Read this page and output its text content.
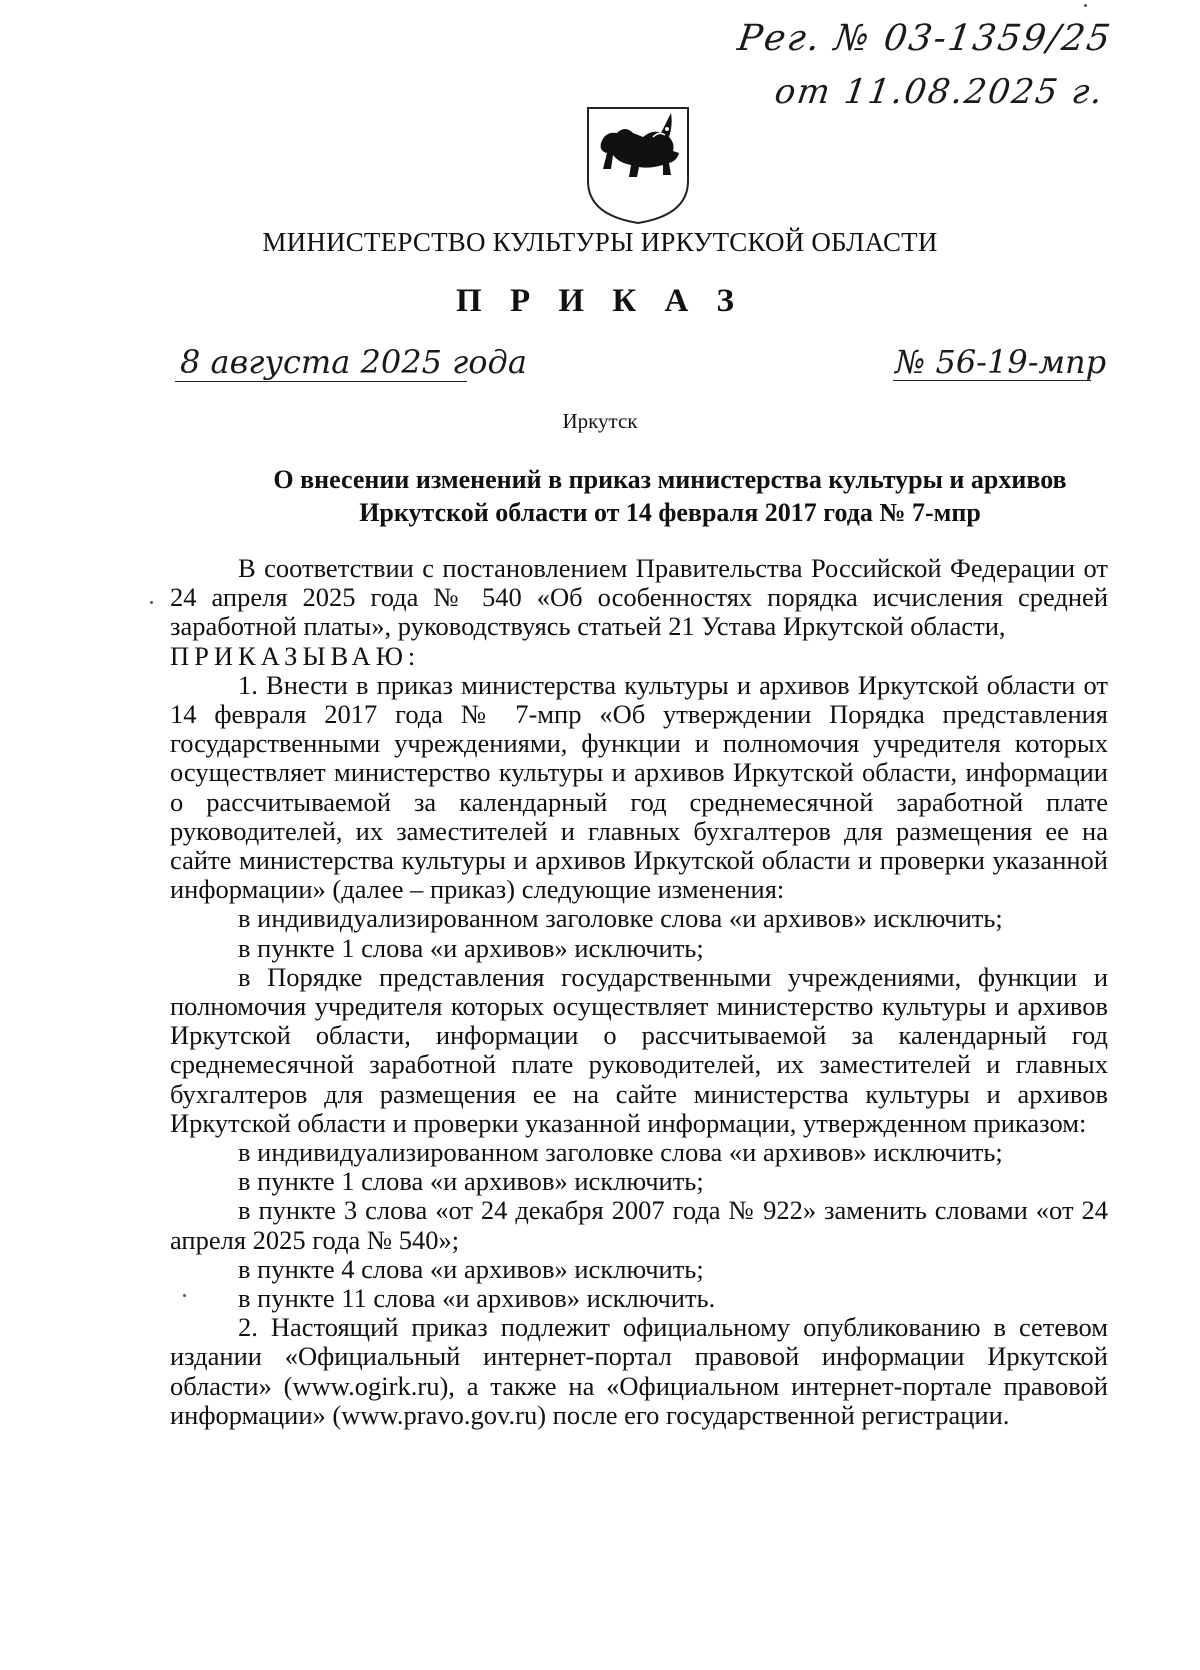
Рег. № 03-1359/25
от 11.08.2025 г.
МИНИСТЕРСТВО КУЛЬТУРЫ ИРКУТСКОЙ ОБЛАСТИ
П Р И К А З
8 августа 2025 года	№ 56-19-мпр
Иркутск
О внесении изменений в приказ министерства культуры и архивов
Иркутской области от 14 февраля 2017 года № 7-мпр

В соответствии с постановлением Правительства Российской Федерации от 24 апреля 2025 года № 540 «Об особенностях порядка исчисления средней заработной платы», руководствуясь статьей 21 Устава Иркутской области,

ПРИКАЗЫВАЮ:

1. Внести в приказ министерства культуры и архивов Иркутской области от 14 февраля 2017 года № 7-мпр «Об утверждении Порядка представления государственными учреждениями, функции и полномочия учредителя которых осуществляет министерство культуры и архивов Иркутской области, информации о рассчитываемой за календарный год среднемесячной заработной плате руководителей, их заместителей и главных бухгалтеров для размещения ее на сайте министерства культуры и архивов Иркутской области и проверки указанной информации» (далее – приказ) следующие изменения:

в индивидуализированном заголовке слова «и архивов» исключить;

в пункте 1 слова «и архивов» исключить;

в Порядке представления государственными учреждениями, функции и полномочия учредителя которых осуществляет министерство культуры и архивов Иркутской области, информации о рассчитываемой за календарный год среднемесячной заработной плате руководителей, их заместителей и главных бухгалтеров для размещения ее на сайте министерства культуры и архивов Иркутской области и проверки указанной информации, утвержденном приказом:

в индивидуализированном заголовке слова «и архивов» исключить;

в пункте 1 слова «и архивов» исключить;

в пункте 3 слова «от 24 декабря 2007 года № 922» заменить словами «от 24 апреля 2025 года № 540»;

в пункте 4 слова «и архивов» исключить;

в пункте 11 слова «и архивов» исключить.

2. Настоящий приказ подлежит официальному опубликованию в сетевом издании «Официальный интернет-портал правовой информации Иркутской области» (www.ogirk.ru), а также на «Официальном интернет-портале правовой информации» (www.pravo.gov.ru) после его государственной регистрации.
